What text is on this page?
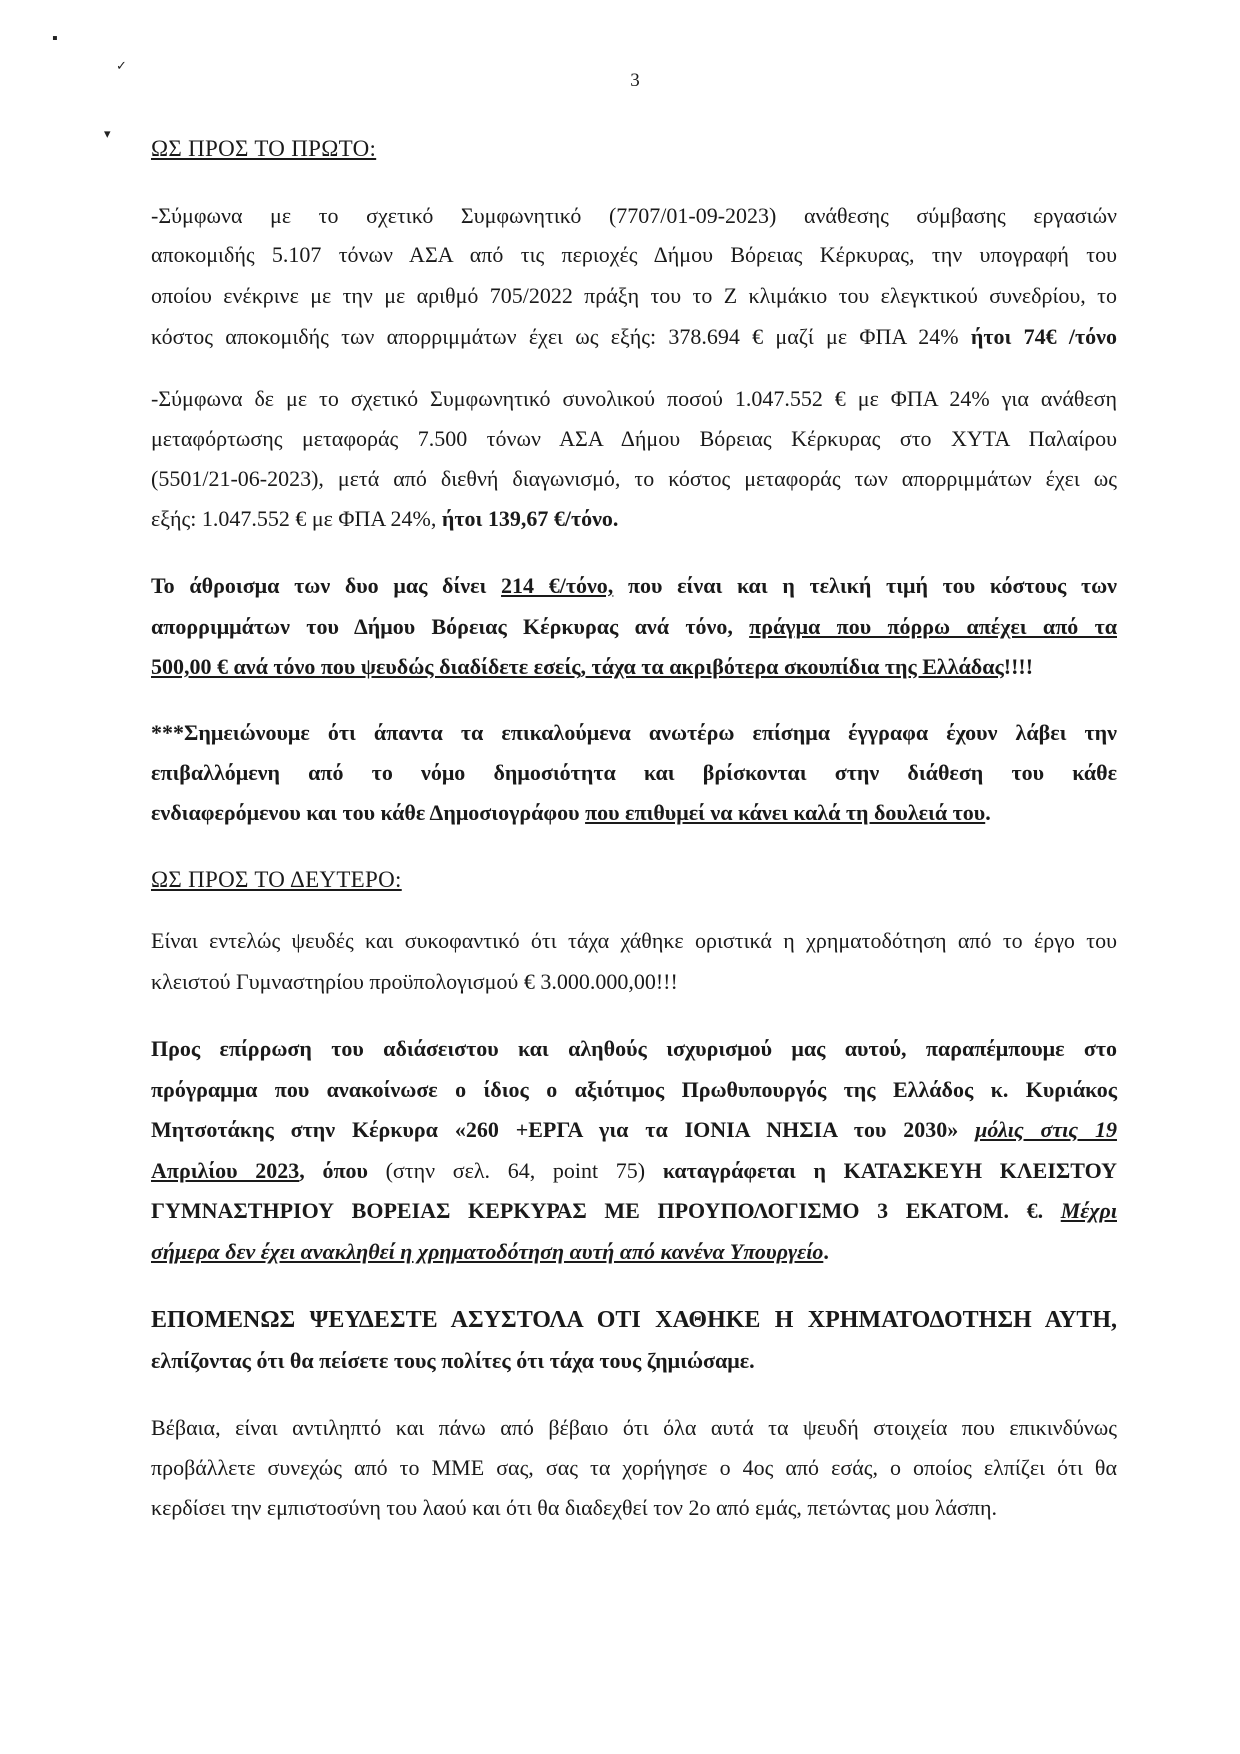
▪
✓
▾
3
ΩΣ ΠΡΟΣ ΤΟ ΠΡΩΤΟ:
-Σύμφωνα με το σχετικό Συμφωνητικό (7707/01-09-2023) ανάθεσης σύμβασης εργασιών
αποκομιδής 5.107 τόνων ΑΣΑ από τις περιοχές Δήμου Βόρειας Κέρκυρας, την υπογραφή του
οποίου ενέκρινε με την με αριθμό 705/2022 πράξη του το Ζ κλιμάκιο του ελεγκτικού συνεδρίου, το
κόστος αποκομιδής των απορριμμάτων έχει ως εξής: 378.694 € μαζί με ΦΠΑ 24% ήτοι 74€ /τόνο
-Σύμφωνα δε με το σχετικό Συμφωνητικό συνολικού ποσού 1.047.552 € με ΦΠΑ 24% για ανάθεση
μεταφόρτωσης μεταφοράς 7.500 τόνων ΑΣΑ Δήμου Βόρειας Κέρκυρας στο ΧΥΤΑ Παλαίρου
(5501/21-06-2023), μετά από διεθνή διαγωνισμό, το κόστος μεταφοράς των απορριμμάτων έχει ως
εξής: 1.047.552 € με ΦΠΑ 24%, ήτοι 139,67 €/τόνο.
Το άθροισμα των δυο μας δίνει 214 €/τόνο, που είναι και η τελική τιμή του κόστους των
απορριμμάτων του Δήμου Βόρειας Κέρκυρας ανά τόνο, πράγμα που πόρρω απέχει από τα
500,00 € ανά τόνο που ψευδώς διαδίδετε εσείς, τάχα τα ακριβότερα σκουπίδια της Ελλάδας!!!!
***Σημειώνουμε ότι άπαντα τα επικαλούμενα ανωτέρω επίσημα έγγραφα έχουν λάβει την
επιβαλλόμενη από το νόμο δημοσιότητα και βρίσκονται στην διάθεση του κάθε
ενδιαφερόμενου και του κάθε Δημοσιογράφου που επιθυμεί να κάνει καλά τη δουλειά του.
ΩΣ ΠΡΟΣ ΤΟ ΔΕΥΤΕΡΟ:
Είναι εντελώς ψευδές και συκοφαντικό ότι τάχα χάθηκε οριστικά η χρηματοδότηση από το έργο του
κλειστού Γυμναστηρίου προϋπολογισμού € 3.000.000,00!!!
Προς επίρρωση του αδιάσειστου και αληθούς ισχυρισμού μας αυτού, παραπέμπουμε στο
πρόγραμμα που ανακοίνωσε ο ίδιος ο αξιότιμος Πρωθυπουργός της Ελλάδος κ. Κυριάκος
Μητσοτάκης στην Κέρκυρα «260 +ΕΡΓΑ για τα ΙΟΝΙΑ ΝΗΣΙΑ του 2030» μόλις στις 19
Απριλίου 2023, όπου (στην σελ. 64, point 75) καταγράφεται η ΚΑΤΑΣΚΕΥΗ ΚΛΕΙΣΤΟΥ
ΓΥΜΝΑΣΤΗΡΙΟΥ ΒΟΡΕΙΑΣ ΚΕΡΚΥΡΑΣ ΜΕ ΠΡΟΥΠΟΛΟΓΙΣΜΟ 3 ΕΚΑΤΟΜ. €. Μέχρι
σήμερα δεν έχει ανακληθεί η χρηματοδότηση αυτή από κανένα Υπουργείο.
ΕΠΟΜΕΝΩΣ ΨΕΥΔΕΣΤΕ ΑΣΥΣΤΟΛΑ ΟΤΙ ΧΑΘΗΚΕ Η ΧΡΗΜΑΤΟΔΟΤΗΣΗ ΑΥΤΗ,
ελπίζοντας ότι θα πείσετε τους πολίτες ότι τάχα τους ζημιώσαμε.
Βέβαια, είναι αντιληπτό και πάνω από βέβαιο ότι όλα αυτά τα ψευδή στοιχεία που επικινδύνως
προβάλλετε συνεχώς από το ΜΜΕ σας, σας τα χορήγησε ο 4ος από εσάς, ο οποίος ελπίζει ότι θα
κερδίσει την εμπιστοσύνη του λαού και ότι θα διαδεχθεί τον 2ο από εμάς, πετώντας μου λάσπη.
